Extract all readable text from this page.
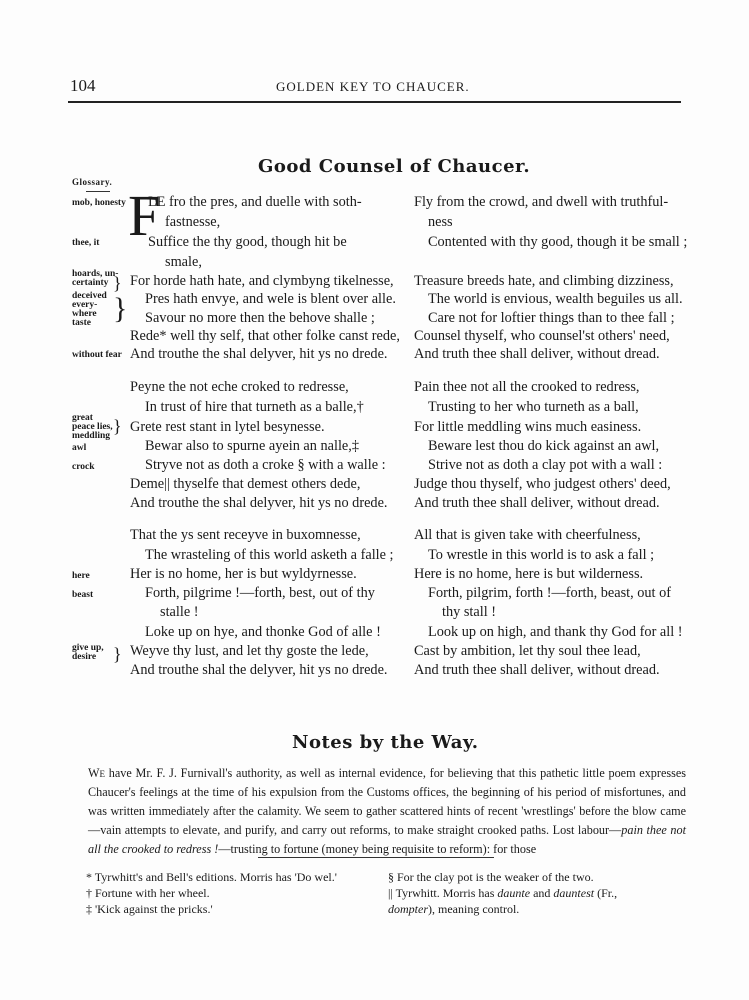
104	GOLDEN KEY TO CHAUCER.
Good Counsel of Chaucer.
Glossary.
F
LE fro the pres, and duelle with soth-
fastnesse,
Suffice the thy good, though hit be
smale,
For horde hath hate, and clymbyng tikelnesse,
Pres hath envye, and wele is blent over alle.
Savour no more then the behove shalle ;
Rede* well thy self, that other folke canst rede,
And trouthe the shal delyver, hit ys no drede.
Fly from the crowd, and dwell with truthful-
ness
Contented with thy good, though it be small ;
Treasure breeds hate, and climbing dizziness,
The world is envious, wealth beguiles us all.
Care not for loftier things than to thee fall ;
Counsel thyself, who counsel'st others' need,
And truth thee shall deliver, without dread.
Peyne the not eche croked to redresse,
In trust of hire that turneth as a balle,†
Grete rest stant in lytel besynesse.
Bewar also to spurne ayein an nalle,‡
Stryve not as doth a croke § with a walle :
Deme|| thyselfe that demest others dede,
And trouthe the shal delyver, hit ys no drede.
Pain thee not all the crooked to redress,
Trusting to her who turneth as a ball,
For little meddling wins much easiness.
Beware lest thou do kick against an awl,
Strive not as doth a clay pot with a wall :
Judge thou thyself, who judgest others' deed,
And truth thee shall deliver, without dread.
That the ys sent receyve in buxomnesse,
The wrasteling of this world asketh a falle ;
Her is no home, her is but wyldyrnesse.
Forth, pilgrime !—forth, best, out of thy
stalle !
Loke up on hye, and thonke God of alle !
Weyve thy lust, and let thy goste the lede,
And trouthe shal the delyver, hit ys no drede.
All that is given take with cheerfulness,
To wrestle in this world is to ask a fall ;
Here is no home, here is but wilderness.
Forth, pilgrim, forth !—forth, beast, out of
thy stall !
Look up on high, and thank thy God for all !
Cast by ambition, let thy soul thee lead,
And truth thee shall deliver, without dread.
mob, honesty
thee, it
hoards, un-
certainty }
deceived
every-
where
taste }
without fear
great
peace lies,
meddling }
awl
crock
here
beast
give up,
desire }
Notes by the Way.

We have Mr. F. J. Furnivall's authority, as well as internal evidence, for believing that this pathetic little poem expresses Chaucer's feelings at the time of his expulsion from the Customs offices, the beginning of his period of misfortunes, and was written immediately after the calamity. We seem to gather scattered hints of recent 'wrestlings' before the blow came—vain attempts to elevate, and purify, and carry out reforms, to make straight crooked paths. Lost labour—pain thee not all the crooked to redress !—trusting to fortune (money being requisite to reform): for those

* Tyrwhitt's and Bell's editions. Morris has 'Do wel.'
† Fortune with her wheel.
‡ 'Kick against the pricks.'
§ For the clay pot is the weaker of the two.
|| Tyrwhitt. Morris has daunte and dauntest (Fr.,
dompter), meaning control.
